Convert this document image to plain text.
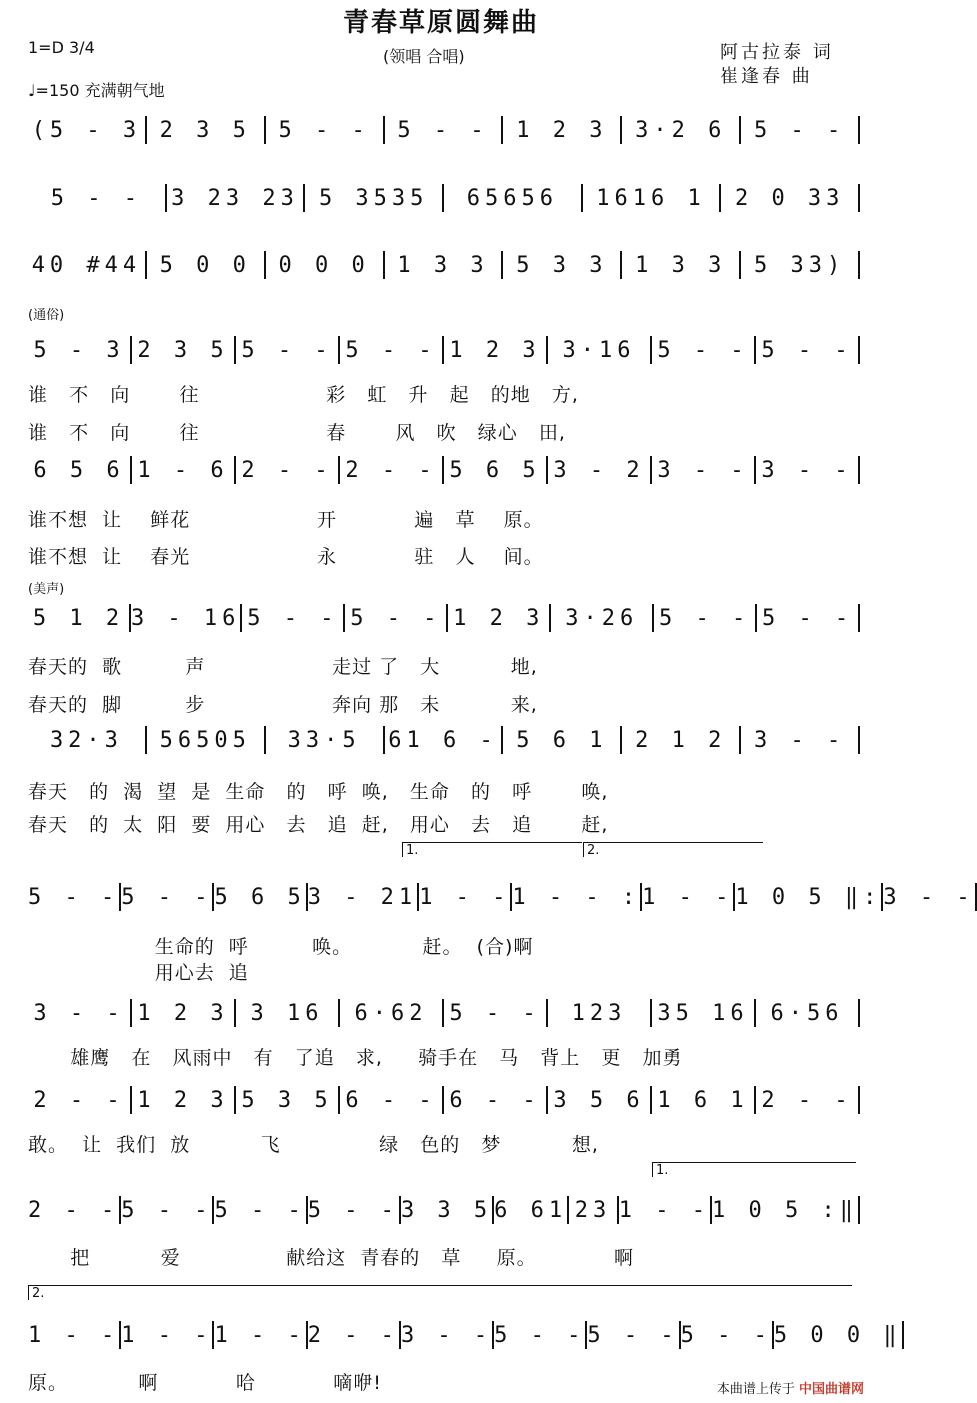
青春草原圆舞曲
1=D 3/4	(领唱 合唱)
♩=150 充满朝气地
阿古拉泰 词
崔逢春 曲
(通俗)
(美声)
1.	2.
1.
2.
(5 - 3 2 3 5	5 - -	5 - -	1 2 3	3·2 6	5 - -
5 - -	3 23 23 5 3535	65656	1616 1	2 0 33
40 #44 5 0 0	0 0 0	1 3 3	5 3 3	1 3 3	5 33)
5 - 3 2 3 5 5 - - 5 - - 1 2 3 3·16 5 - - 5 - -
谁   不   向       往                  彩   虹   升   起   的地   方,
谁   不   向       往                  春       风   吹   绿心   田,
6 5 6 1 - 6 2 - - 2 - - 5 6 5 3 - 2 3 - - 3 - -
谁不想  让    鲜花                  开           遍   草    原。
谁不想  让    春光                  永           驻   人    间。
5 1 2 3 - 16 5 - - 5 - - 1 2 3 3·26 5 - - 5 - -
春天的  歌         声                  走过 了   大          地,
春天的  脚         步                  奔向 那   未          来,
32·3	56505	33·5	61 6 - 5 6 1	2 1 2	3 - -
春天   的  渴  望  是  生命   的   呼  唤,   生命   的   呼       唤,
春天   的  太  阳  要  用心   去   追  赶,   用心   去   追       赶,
5 - - 5 - - 5 6 5 3 - 21 1 - - 1 - - : 1 - - 1 0 5 ‖: 3 - -
生命的  呼         唤。          赶。  (合)啊
用心去  追
3 - - 1 2 3 3 16	6·62 5 - -	123	35 16 6·56
雄鹰   在   风雨中   有   了追   求,     骑手在   马   背上   更   加勇
2 - - 1 2 3 5 3 5 6 - - 6 - - 3 5 6 1 6 1 2 - -
敢。  让  我们  放          飞              绿   色的   梦          想,
2 - - 5 - - 5 - - 5 - - 3 3 5 6 61 23 1 - - 1 0 5 :‖
把          爱               献给这  青春的   草     原。           啊
1 - - 1 - - 1 - - 2 - - 3 - - 5 - - 5 - - 5 - - 5 0 0 ‖
原。          啊           哈           嘀咿!	本曲谱上传于 中国曲谱网
